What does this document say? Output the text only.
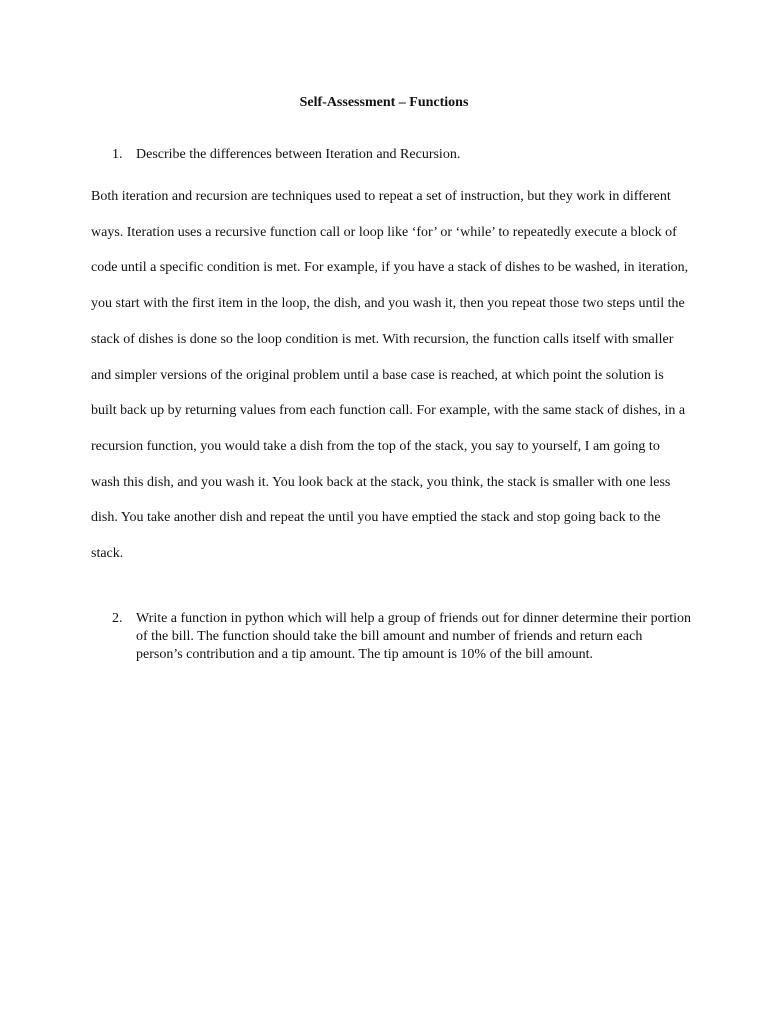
Self-Assessment – Functions
1. Describe the differences between Iteration and Recursion.

Both iteration and recursion are techniques used to repeat a set of instruction, but they work in different ways. Iteration uses a recursive function call or loop like ‘for’ or ‘while’ to repeatedly execute a block of code until a specific condition is met. For example, if you have a stack of dishes to be washed, in iteration, you start with the first item in the loop, the dish, and you wash it, then you repeat those two steps until the stack of dishes is done so the loop condition is met. With recursion, the function calls itself with smaller and simpler versions of the original problem until a base case is reached, at which point the solution is built back up by returning values from each function call. For example, with the same stack of dishes, in a recursion function, you would take a dish from the top of the stack, you say to yourself, I am going to wash this dish, and you wash it. You look back at the stack, you think, the stack is smaller with one less dish. You take another dish and repeat the until you have emptied the stack and stop going back to the stack.

2. Write a function in python which will help a group of friends out for dinner determine their portion of the bill. The function should take the bill amount and number of friends and return each person’s contribution and a tip amount. The tip amount is 10% of the bill amount.
